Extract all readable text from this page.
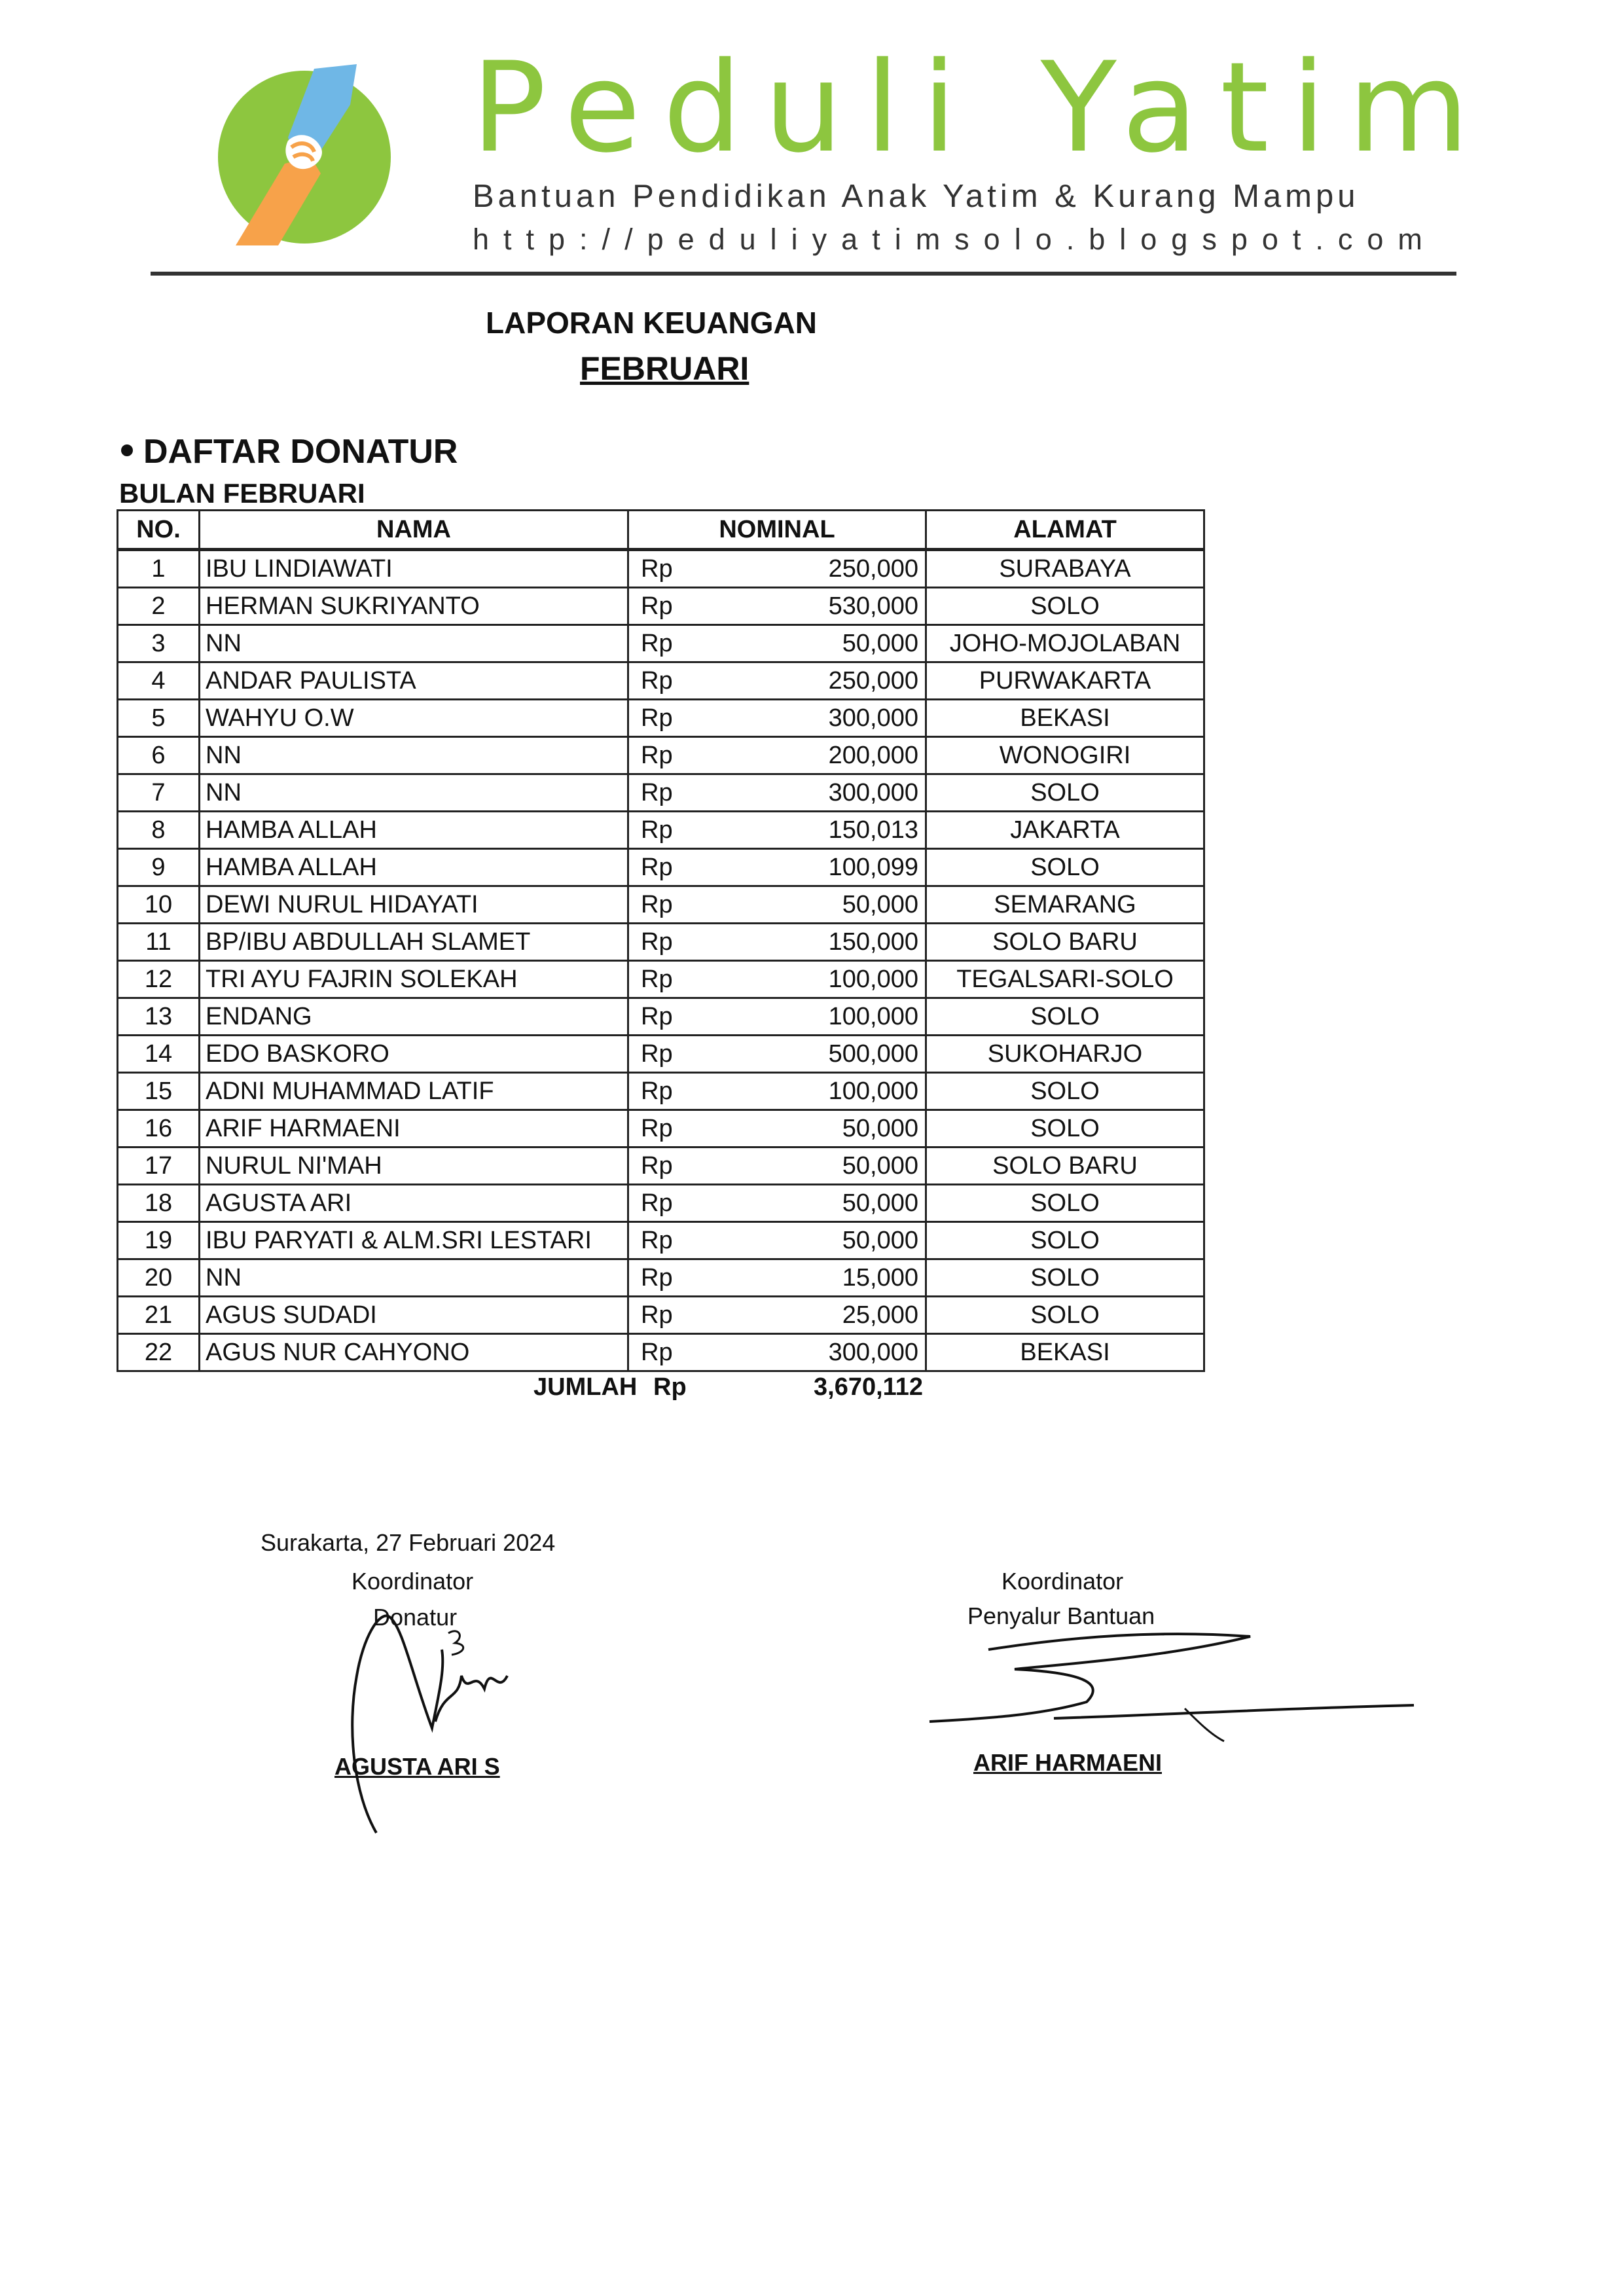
Peduli Yatim
Bantuan Pendidikan Anak Yatim & Kurang Mampu
http://peduliyatimsolo.blogspot.com
LAPORAN KEUANGAN
FEBRUARI
DAFTAR DONATUR
BULAN FEBRUARI
NO.	NAMA	NOMINAL	ALAMAT
1	IBU LINDIAWATI	Rp 250,000	SURABAYA
2	HERMAN SUKRIYANTO	Rp 530,000	SOLO
3	NN	Rp 50,000	JOHO-MOJOLABAN
4	ANDAR PAULISTA	Rp 250,000	PURWAKARTA
5	WAHYU O.W	Rp 300,000	BEKASI
6	NN	Rp 200,000	WONOGIRI
7	NN	Rp 300,000	SOLO
8	HAMBA ALLAH	Rp 150,013	JAKARTA
9	HAMBA ALLAH	Rp 100,099	SOLO
10	DEWI NURUL HIDAYATI	Rp 50,000	SEMARANG
11	BP/IBU ABDULLAH SLAMET	Rp 150,000	SOLO BARU
12	TRI AYU FAJRIN SOLEKAH	Rp 100,000	TEGALSARI-SOLO
13	ENDANG	Rp 100,000	SOLO
14	EDO BASKORO	Rp 500,000	SUKOHARJO
15	ADNI MUHAMMAD LATIF	Rp 100,000	SOLO
16	ARIF HARMAENI	Rp 50,000	SOLO
17	NURUL NI'MAH	Rp 50,000	SOLO BARU
18	AGUSTA ARI	Rp 50,000	SOLO
19	IBU PARYATI & ALM.SRI LESTARI	Rp 50,000	SOLO
20	NN	Rp 15,000	SOLO
21	AGUS SUDADI	Rp 25,000	SOLO
22	AGUS NUR CAHYONO	Rp 300,000	BEKASI
JUMLAH Rp	3,670,112
Surakarta, 27 Februari 2024
Koordinator
Donatur
AGUSTA ARI S
Koordinator
Penyalur Bantuan
ARIF HARMAENI
